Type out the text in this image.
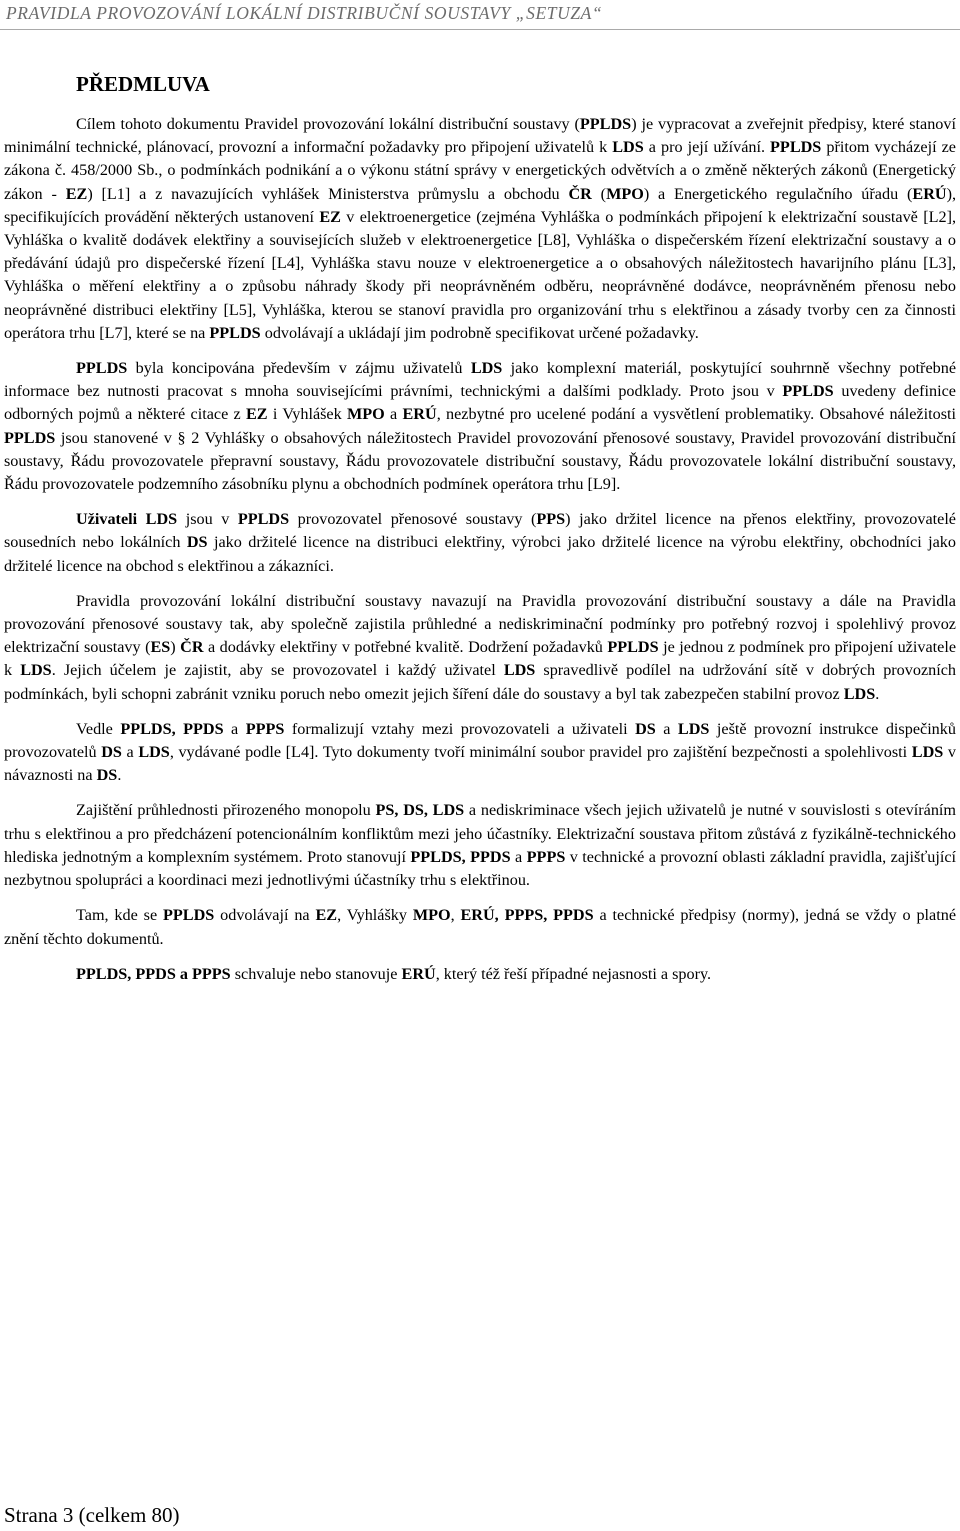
PRAVIDLA PROVOZOVÁNÍ LOKÁLNÍ DISTRIBUČNÍ SOUSTAVY „SETUZA“
PŘEDMLUVA

Cílem tohoto dokumentu Pravidel provozování lokální distribuční soustavy (PPLDS) je vypracovat a zveřejnit předpisy, které stanoví minimální technické, plánovací, provozní a informační požadavky pro připojení uživatelů k LDS a pro její užívání. PPLDS přitom vycházejí ze zákona č. 458/2000 Sb., o podmínkách podnikání a o výkonu státní správy v energetických odvětvích a o změně některých zákonů (Energetický zákon - EZ) [L1] a z navazujících vyhlášek Ministerstva průmyslu a obchodu ČR (MPO) a Energetického regulačního úřadu (ERÚ), specifikujících provádění některých ustanovení EZ v elektroenergetice (zejména Vyhláška o podmínkách připojení k elektrizační soustavě [L2], Vyhláška o kvalitě dodávek elektřiny a souvisejících služeb v elektroenergetice [L8], Vyhláška o dispečerském řízení elektrizační soustavy a o předávání údajů pro dispečerské řízení [L4], Vyhláška stavu nouze v elektroenergetice a o obsahových náležitostech havarijního plánu [L3], Vyhláška o měření elektřiny a o způsobu náhrady škody při neoprávněném odběru, neoprávněné dodávce, neoprávněném přenosu nebo neoprávněné distribuci elektřiny [L5], Vyhláška, kterou se stanoví pravidla pro organizování trhu s elektřinou a zásady tvorby cen za činnosti operátora trhu [L7], které se na PPLDS odvolávají a ukládají jim podrobně specifikovat určené požadavky.

PPLDS byla koncipována především v zájmu uživatelů LDS jako komplexní materiál, poskytující souhrnně všechny potřebné informace bez nutnosti pracovat s mnoha souvisejícími právními, technickými a dalšími podklady. Proto jsou v PPLDS uvedeny definice odborných pojmů a některé citace z EZ i Vyhlášek MPO a ERÚ, nezbytné pro ucelené podání a vysvětlení problematiky. Obsahové náležitosti PPLDS jsou stanovené v § 2 Vyhlášky o obsahových náležitostech Pravidel provozování přenosové soustavy, Pravidel provozování distribuční soustavy, Řádu provozovatele přepravní soustavy, Řádu provozovatele distribuční soustavy, Řádu provozovatele lokální distribuční soustavy, Řádu provozovatele podzemního zásobníku plynu a obchodních podmínek operátora trhu [L9].

Uživateli LDS jsou v PPLDS provozovatel přenosové soustavy (PPS) jako držitel licence na přenos elektřiny, provozovatelé sousedních nebo lokálních DS jako držitelé licence na distribuci elektřiny, výrobci jako držitelé licence na výrobu elektřiny, obchodníci jako držitelé licence na obchod s elektřinou a zákazníci.

Pravidla provozování lokální distribuční soustavy navazují na Pravidla provozování distribuční soustavy a dále na Pravidla provozování přenosové soustavy tak, aby společně zajistila průhledné a nediskriminační podmínky pro potřebný rozvoj i spolehlivý provoz elektrizační soustavy (ES) ČR a dodávky elektřiny v potřebné kvalitě. Dodržení požadavků PPLDS je jednou z podmínek pro připojení uživatele k LDS. Jejich účelem je zajistit, aby se provozovatel i každý uživatel LDS spravedlivě podílel na udržování sítě v dobrých provozních podmínkách, byli schopni zabránit vzniku poruch nebo omezit jejich šíření dále do soustavy a byl tak zabezpečen stabilní provoz LDS.

Vedle PPLDS, PPDS a PPPS formalizují vztahy mezi provozovateli a uživateli DS a LDS ještě provozní instrukce dispečinků provozovatelů DS a LDS, vydávané podle [L4]. Tyto dokumenty tvoří minimální soubor pravidel pro zajištění bezpečnosti a spolehlivosti LDS v návaznosti na DS.

Zajištění průhlednosti přirozeného monopolu PS, DS, LDS a nediskriminace všech jejich uživatelů je nutné v souvislosti s otevíráním trhu s elektřinou a pro předcházení potencionálním konfliktům mezi jeho účastníky. Elektrizační soustava přitom zůstává z fyzikálně-technického hlediska jednotným a komplexním systémem. Proto stanovují PPLDS, PPDS a PPPS v technické a provozní oblasti základní pravidla, zajišťující nezbytnou spolupráci a koordinaci mezi jednotlivými účastníky trhu s elektřinou.

Tam, kde se PPLDS odvolávají na EZ, Vyhlášky MPO, ERÚ, PPPS, PPDS a technické předpisy (normy), jedná se vždy o platné znění těchto dokumentů.

PPLDS, PPDS a PPPS schvaluje nebo stanovuje ERÚ, který též řeší případné nejasnosti a spory.

Strana 3 (celkem 80)
